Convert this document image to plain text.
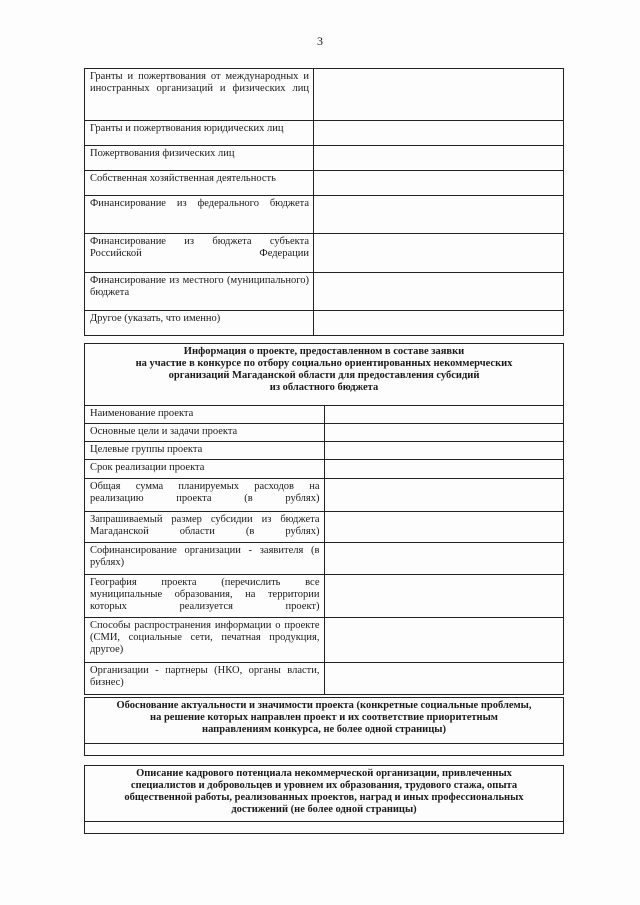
3
Гранты и пожертвования от международных и иностранных организаций и физических лиц	
Гранты и пожертвования юридических лиц	
Пожертвования физических лиц	
Собственная хозяйственная деятельность	
Финансирование из федерального бюджета	
Финансирование из бюджета субъекта Российской Федерации	
Финансирование из местного (муниципального) бюджета	
Другое (указать, что именно)	
Информация о проекте, предоставленном в составе заявки
на участие в конкурсе по отбору социально ориентированных некоммерческих
организаций Магаданской области для предоставления субсидий
из областного бюджета	

Наименование проекта	
Основные цели и задачи проекта	
Целевые группы проекта	
Срок реализации проекта	
Общая сумма планируемых расходов на реализацию проекта (в рублях)	
Запрашиваемый размер субсидии из бюджета Магаданской области (в рублях)	
Софинансирование организации - заявителя (в рублях)	
География проекта (перечислить все муниципальные образования, на территории которых реализуется проект)	
Способы распространения информации о проекте (СМИ, социальные сети, печатная продукция, другое)	
Организации - партнеры (НКО, органы власти, бизнес)	
Обоснование актуальности и значимости проекта (конкретные социальные проблемы,
на решение которых направлен проект и их соответствие приоритетным
направлениям конкурса, не более одной страницы)

Описание кадрового потенциала некоммерческой организации, привлеченных
специалистов и добровольцев и уровнем их образования, трудового стажа, опыта
общественной работы, реализованных проектов, наград и иных профессиональных
достижений (не более одной страницы)
